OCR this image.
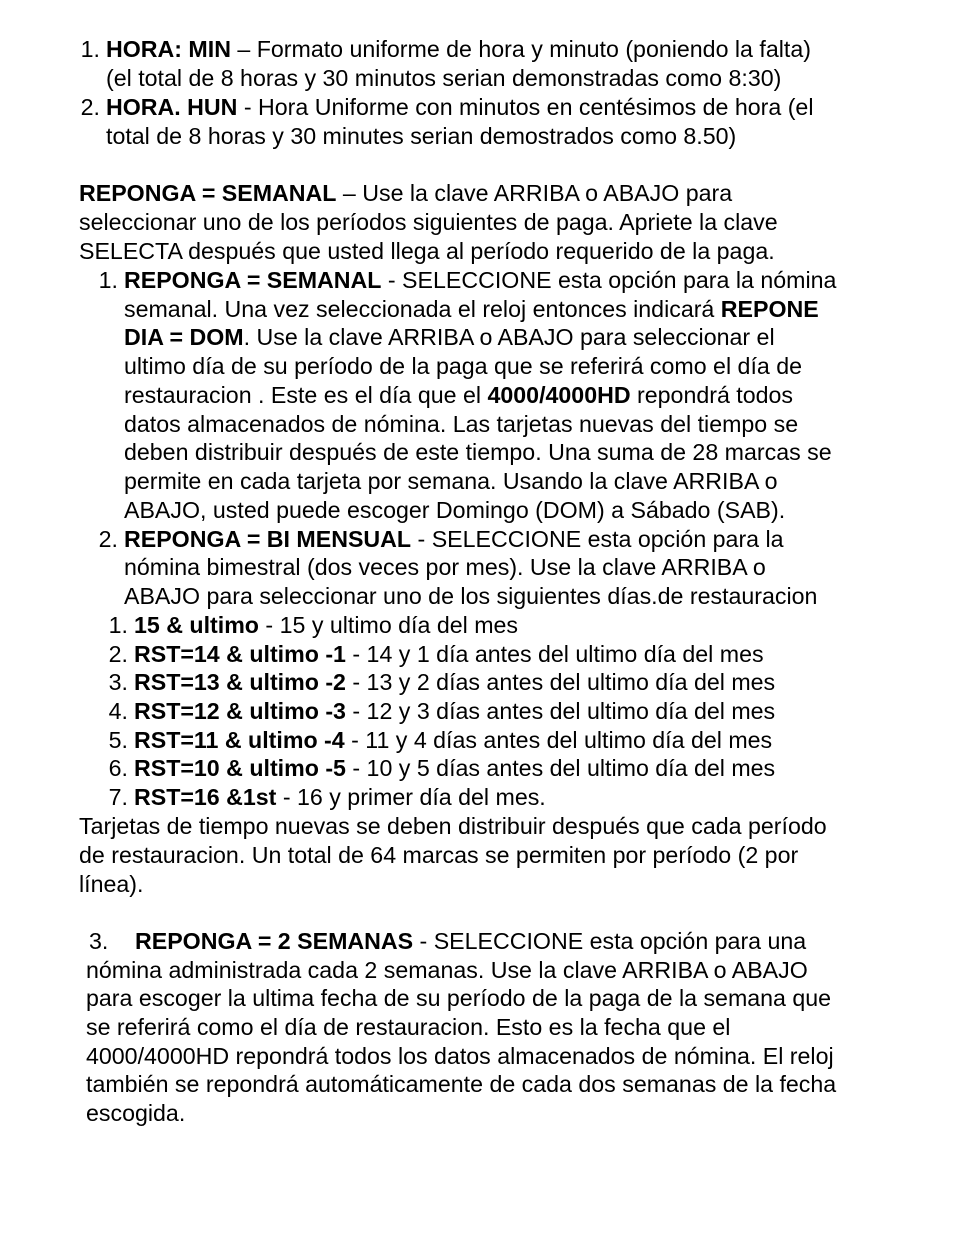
1. HORA: MIN – Formato uniforme de hora y minuto (poniendo la falta)
(el total de 8 horas y 30 minutos serian demonstradas como 8:30)
2. HORA. HUN - Hora Uniforme con minutos en centésimos de hora (el
total de 8 horas y 30 minutes serian demostrados como 8.50)
REPONGA = SEMANAL – Use la clave ARRIBA o ABAJO para
seleccionar uno de los períodos siguientes de paga. Apriete la clave
SELECTA después que usted llega al período requerido de la paga.
1. REPONGA = SEMANAL - SELECCIONE esta opción para la nómina
semanal. Una vez seleccionada el reloj entonces indicará REPONE
DIA = DOM. Use la clave ARRIBA o ABAJO para seleccionar el
ultimo día de su período de la paga que se referirá como el día de
restauracion . Este es el día que el 4000/4000HD repondrá todos
datos almacenados de nómina. Las tarjetas nuevas del tiempo se
deben distribuir después de este tiempo. Una suma de 28 marcas se
permite en cada tarjeta por semana. Usando la clave ARRIBA o
ABAJO, usted puede escoger Domingo (DOM) a Sábado (SAB).
2. REPONGA = BI MENSUAL - SELECCIONE esta opción para la
nómina bimestral (dos veces por mes). Use la clave ARRIBA o
ABAJO para seleccionar uno de los siguientes días.de restauracion
1. 15 & ultimo - 15 y ultimo día del mes
2. RST=14 & ultimo -1 - 14 y 1 día antes del ultimo día del mes
3. RST=13 & ultimo -2 - 13 y 2 días antes del ultimo día del mes
4. RST=12 & ultimo -3 - 12 y 3 días antes del ultimo día del mes
5. RST=11 & ultimo -4 - 11 y 4 días antes del ultimo día del mes
6. RST=10 & ultimo -5 - 10 y 5 días antes del ultimo día del mes
7. RST=16 &1st - 16 y primer día del mes.
Tarjetas de tiempo nuevas se deben distribuir después que cada período
de restauracion. Un total de 64 marcas se permiten por período (2 por
línea).
3. REPONGA = 2 SEMANAS - SELECCIONE esta opción para una
nómina administrada cada 2 semanas. Use la clave ARRIBA o ABAJO
para escoger la ultima fecha de su período de la paga de la semana que
se referirá como el día de restauracion. Esto es la fecha que el
4000/4000HD repondrá todos los datos almacenados de nómina. El reloj
también se repondrá automáticamente de cada dos semanas de la fecha
escogida.
